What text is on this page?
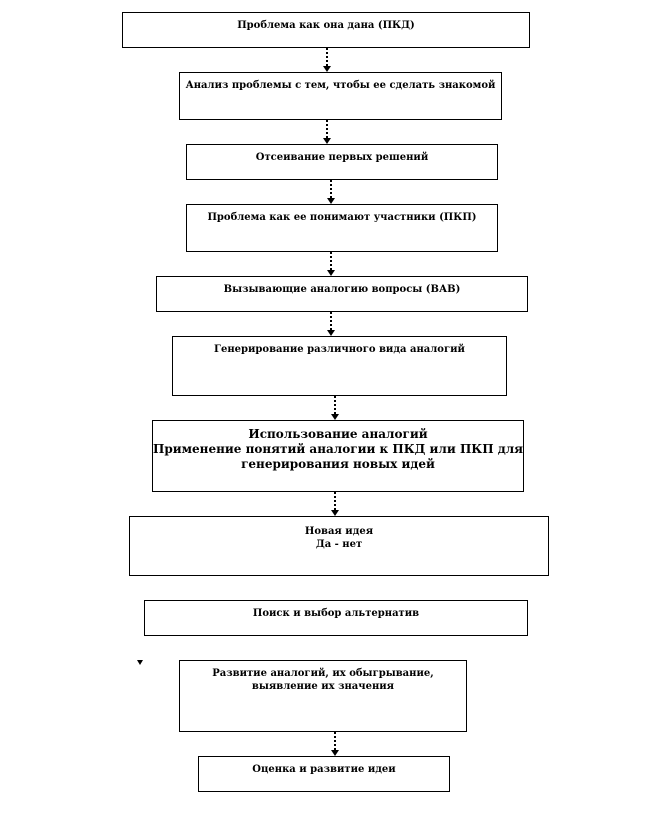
Проблема как она дана (ПКД)
Анализ проблемы с тем, чтобы ее сделать знакомой
Отсеивание первых решений
Проблема как ее понимают участники (ПКП)
Вызывающие аналогию вопросы (ВАВ)
Генерирование различного вида аналогий
Использование аналогий
Применение понятий аналогии к ПКД или ПКП для
генерирования новых идей
Новая идея
Да - нет
Поиск и выбор альтернатив
Развитие аналогий, их обыгрывание,
выявление их значения
Оценка и развитие идеи
